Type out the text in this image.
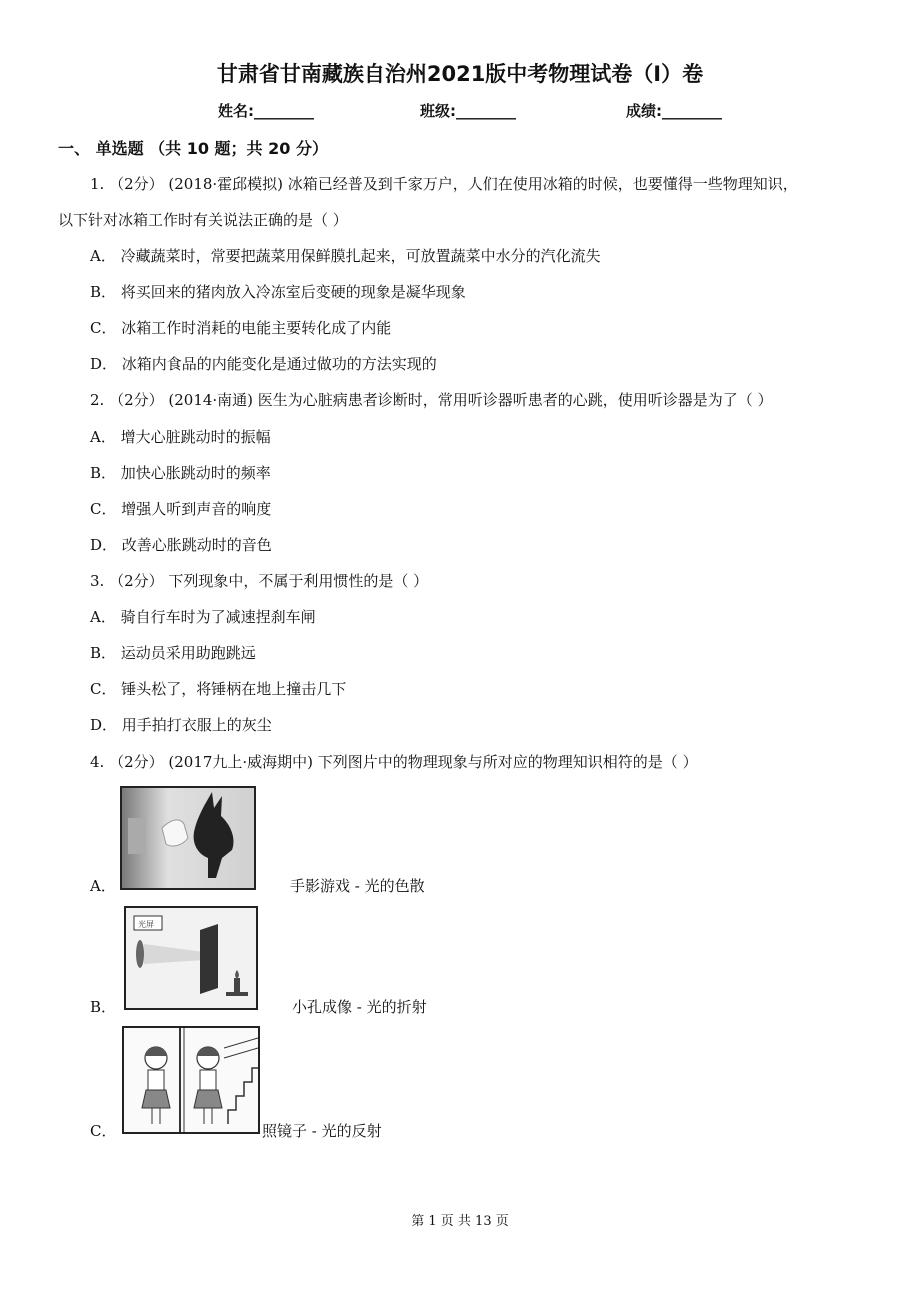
甘肃省甘南藏族自治州2021版中考物理试卷（I）卷
姓名:________	班级:________	成绩:________
一、 单选题 （共 10 题；共 20 分）
1. （2分） (2018·霍邱模拟) 冰箱已经普及到千家万户，人们在使用冰箱的时候，也要懂得一些物理知识，
以下针对冰箱工作时有关说法正确的是（ ）
A． 冷藏蔬菜时，常要把蔬菜用保鲜膜扎起来，可放置蔬菜中水分的汽化流失
B． 将买回来的猪肉放入冷冻室后变硬的现象是凝华现象
C． 冰箱工作时消耗的电能主要转化成了内能
D． 冰箱内食品的内能变化是通过做功的方法实现的
2. （2分） (2014·南通) 医生为心脏病患者诊断时，常用听诊器听患者的心跳，使用听诊器是为了（ ）
A． 增大心脏跳动时的振幅
B． 加快心胀跳动时的频率
C． 增强人听到声音的响度
D． 改善心胀跳动时的音色
3. （2分） 下列现象中，不属于利用惯性的是（ ）
A． 骑自行车时为了减速捏刹车闸
B． 运动员采用助跑跳远
C． 锤头松了，将锤柄在地上撞击几下
D． 用手拍打衣服上的灰尘
4. （2分） (2017九上·威海期中) 下列图片中的物理现象与所对应的物理知识相符的是（ ）
A．	手影游戏 - 光的色散
光屏
B．	小孔成像 - 光的折射
C．	照镜子 - 光的反射
第 1 页 共 13 页
